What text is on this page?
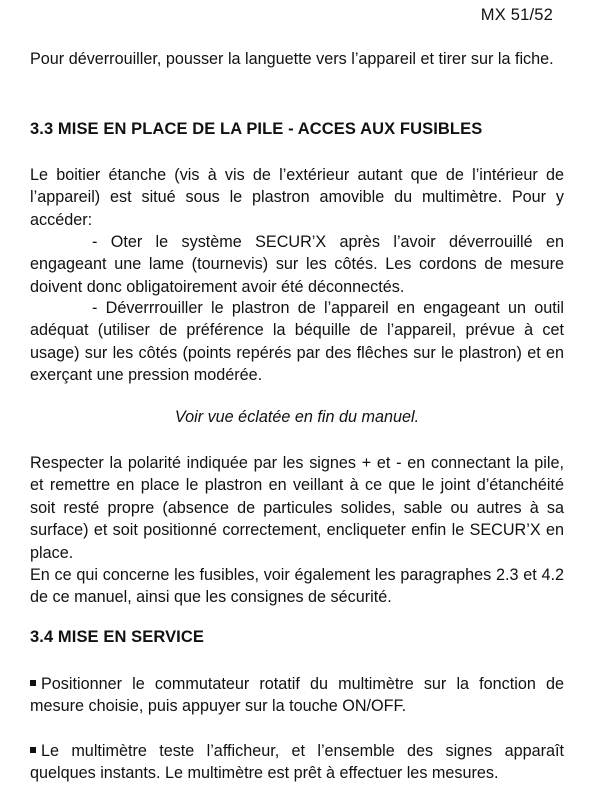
MX 51/52

Pour déverrouiller, pousser la languette vers l’appareil et tirer sur la fiche.

3.3 MISE EN PLACE DE LA PILE - ACCES AUX FUSIBLES

Le boitier étanche (vis à vis de l’extérieur autant que de l’intérieur de l’appareil) est situé sous le plastron amovible du multimètre. Pour y accéder:

- Oter le système SECUR’X après l’avoir déverrouillé en engageant une lame (tournevis) sur les côtés. Les cordons de mesure doivent donc obligatoirement avoir été déconnectés.

- Déverrrouiller le plastron de l’appareil en engageant un outil adéquat (utiliser de préférence la béquille de l’appareil, prévue à cet usage) sur les côtés (points repérés par des flêches sur le plastron) et en exerçant une pression modérée.

Voir vue éclatée en fin du manuel.

Respecter la polarité indiquée par les signes + et - en connectant la pile, et remettre en place le plastron en veillant à ce que le joint d’étanchéité soit resté propre (absence de particules solides, sable ou autres à sa surface) et soit positionné correctement, encliqueter enfin le SECUR’X en place.

En ce qui concerne les fusibles, voir également les paragraphes 2.3 et 4.2 de ce manuel, ainsi que les consignes de sécurité.

3.4 MISE EN SERVICE

Positionner le commutateur rotatif du multimètre sur la fonction de mesure choisie, puis appuyer sur la touche ON/OFF.

Le multimètre teste l’afficheur, et l’ensemble des signes apparaît quelques instants. Le multimètre est prêt à effectuer les mesures.
